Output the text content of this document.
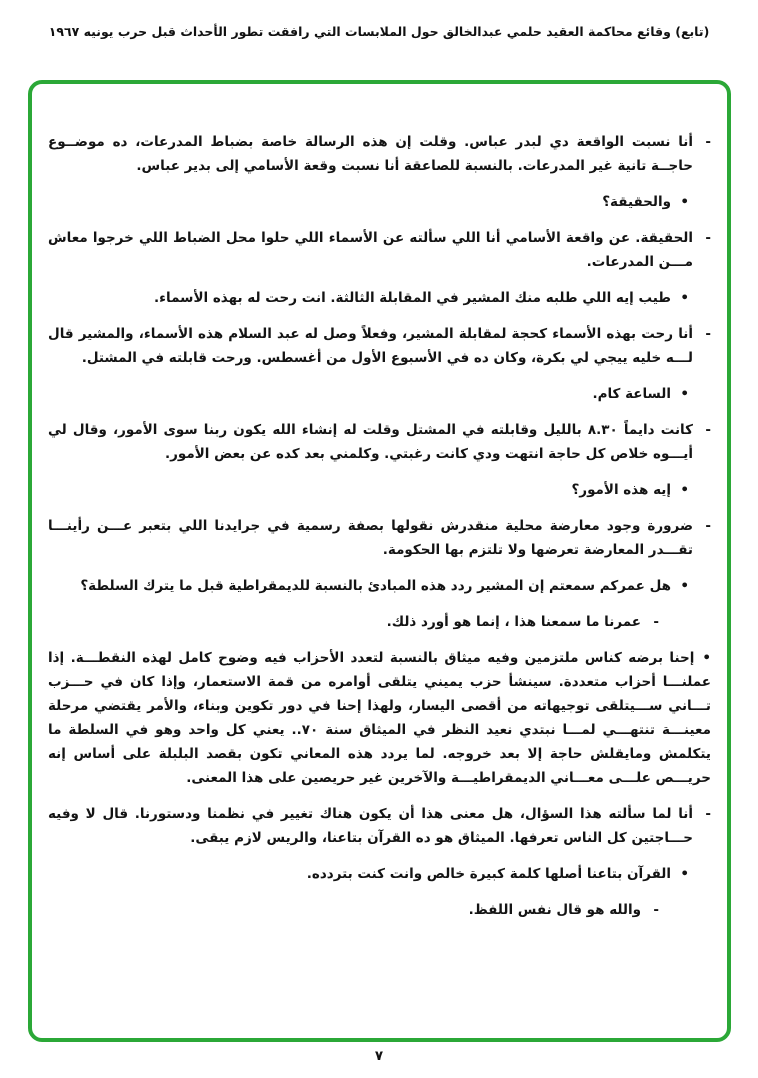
(تابع) وقائع محاكمة العقيد حلمي عبدالخالق حول الملابسات التي رافقت تطور الأحداث قبل حرب يونيه ١٩٦٧
-

أنا نسبت الواقعة دي لبدر عباس. وقلت إن هذه الرسالة خاصة بضباط المدرعات، ده موضــوع حاجــة تانية غير المدرعات. بالنسبة للصاعقة أنا نسبت وقعة الأسامي إلى بدير عباس.

•

والحقيقة؟

-

الحقيقة. عن واقعة الأسامي أنا اللي سألته عن الأسماء اللي حلوا محل الضباط اللي خرجوا معاش مـــن المدرعات.

•

طيب إيه اللي طلبه منك المشير في المقابلة الثالثة. انت رحت له بهذه الأسماء.

-

أنا رحت بهذه الأسماء كحجة لمقابلة المشير، وفعلاً وصل له عبد السلام هذه الأسماء، والمشير قال لـــه خليه ييجي لي بكرة، وكان ده في الأسبوع الأول من أغسطس. ورحت قابلته في المشتل.

•

الساعة كام.

-

كانت دايماً ٨.٣٠ بالليل وقابلته في المشتل وقلت له إنشاء الله يكون ربنا سوى الأمور، وقال لي أيـــوه خلاص كل حاجة انتهت ودي كانت رغبتي. وكلمني بعد كده عن بعض الأمور.

•

إيه هذه الأمور؟

-

ضرورة وجود معارضة محلية منقدرش نقولها بصفة رسمية في جرايدنا اللي بتعبر عـــن رأينـــا تقـــدر المعارضة تعرضها ولا تلتزم بها الحكومة.

•

هل عمركم سمعتم إن المشير ردد هذه المبادئ بالنسبة للديمقراطية قبل ما يترك السلطة؟

-

عمرنا ما سمعنا هذا ، إنما هو أورد ذلك.

•إحنا برضه كناس ملتزمين وفيه ميثاق بالنسبة لتعدد الأحزاب فيه وضوح كامل لهذه النقطـــة. إذا عملنـــا أحزاب متعددة. سينشأ حزب يميني يتلقى أوامره من قمة الاستعمار، وإذا كان في حـــزب تـــاني ســـيتلقى توجيهاته من أقصى اليسار، ولهذا إحنا في دور تكوين وبناء، والأمر يقتضي مرحلة معينـــة تنتهـــي لمـــا نبتدي نعيد النظر في الميثاق سنة ٧٠.. يعني كل واحد وهو في السلطة ما يتكلمش ومايقلش حاجة إلا بعد خروجه. لما يردد هذه المعاني تكون بقصد البلبلة على أساس إنه حريـــص علـــى معـــاني الديمقراطيـــة والآخرين غير حريصين على هذا المعنى.

-

أنا لما سألته هذا السؤال، هل معنى هذا أن يكون هناك تغيير في نظمنا ودستورنا. قال لا وفيه حـــاجتين كل الناس تعرفها. الميثاق هو ده القرآن بتاعنا، والريس لازم يبقى.

•

القرآن بتاعنا أصلها كلمة كبيرة خالص وانت كنت بتردده.

-

والله هو قال نفس اللفظ.

٧
